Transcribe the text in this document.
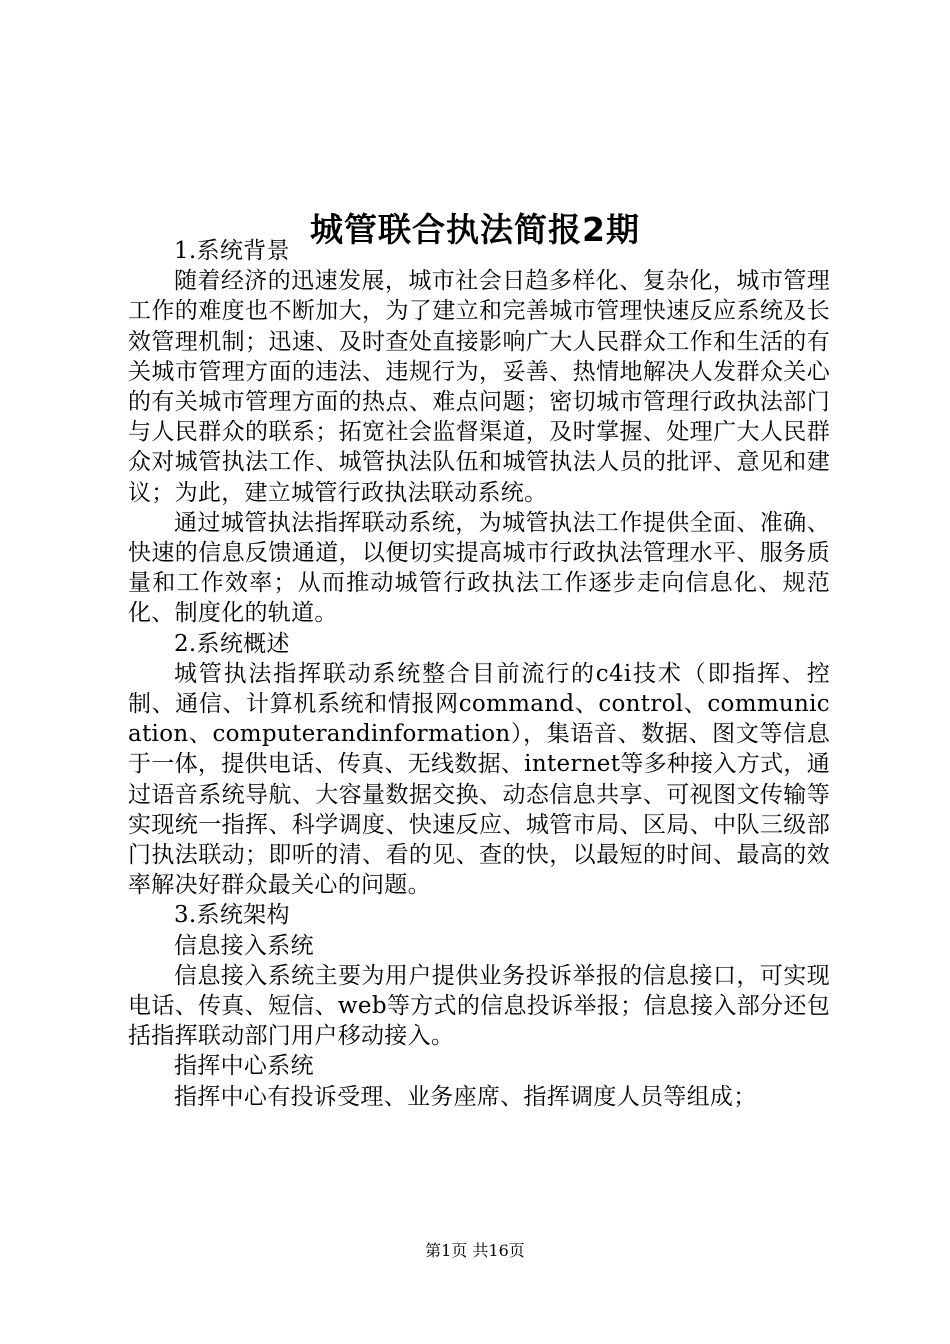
城管联合执法简报2期

1.系统背景

随着经济的迅速发展，城市社会日趋多样化、复杂化，城市管理工作的难度也不断加大，为了建立和完善城市管理快速反应系统及长效管理机制；迅速、及时查处直接影响广大人民群众工作和生活的有关城市管理方面的违法、违规行为，妥善、热情地解决人发群众关心的有关城市管理方面的热点、难点问题；密切城市管理行政执法部门与人民群众的联系；拓宽社会监督渠道，及时掌握、处理广大人民群众对城管执法工作、城管执法队伍和城管执法人员的批评、意见和建议；为此，建立城管行政执法联动系统。

通过城管执法指挥联动系统，为城管执法工作提供全面、准确、快速的信息反馈通道，以便切实提高城市行政执法管理水平、服务质量和工作效率；从而推动城管行政执法工作逐步走向信息化、规范化、制度化的轨道。

2.系统概述

城管执法指挥联动系统整合目前流行的c4i技术（即指挥、控制、通信、计算机系统和情报网command、control、communication、computerandinformation），集语音、数据、图文等信息于一体，提供电话、传真、无线数据、internet等多种接入方式，通过语音系统导航、大容量数据交换、动态信息共享、可视图文传输等实现统一指挥、科学调度、快速反应、城管市局、区局、中队三级部门执法联动；即听的清、看的见、查的快，以最短的时间、最高的效率解决好群众最关心的问题。

3.系统架构

信息接入系统

信息接入系统主要为用户提供业务投诉举报的信息接口，可实现电话、传真、短信、web等方式的信息投诉举报；信息接入部分还包括指挥联动部门用户移动接入。

指挥中心系统

指挥中心有投诉受理、业务座席、指挥调度人员等组成；

第1页 共16页
